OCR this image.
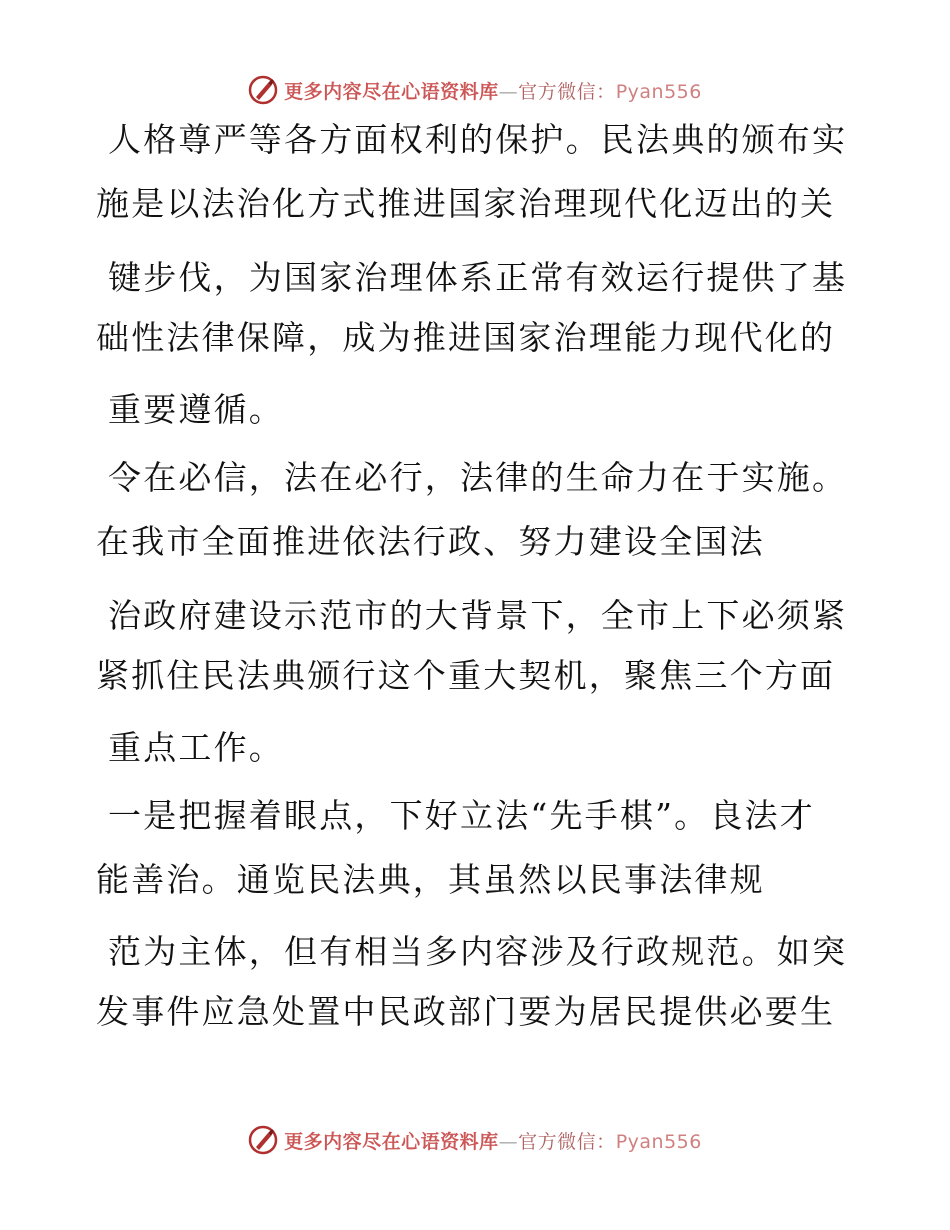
更多内容尽在心语资料库—官方微信：Pyan556
人格尊严等各方面权利的保护。民法典的颁布实
施是以法治化方式推进国家治理现代化迈出的关
键步伐，为国家治理体系正常有效运行提供了基
础性法律保障，成为推进国家治理能力现代化的
重要遵循。
令在必信，法在必行，法律的生命力在于实施。
在我市全面推进依法行政、努力建设全国法
治政府建设示范市的大背景下，全市上下必须紧
紧抓住民法典颁行这个重大契机，聚焦三个方面
重点工作。
一是把握着眼点，下好立法“先手棋”。良法才
能善治。通览民法典，其虽然以民事法律规
范为主体，但有相当多内容涉及行政规范。如突
发事件应急处置中民政部门要为居民提供必要生
更多内容尽在心语资料库—官方微信：Pyan556
